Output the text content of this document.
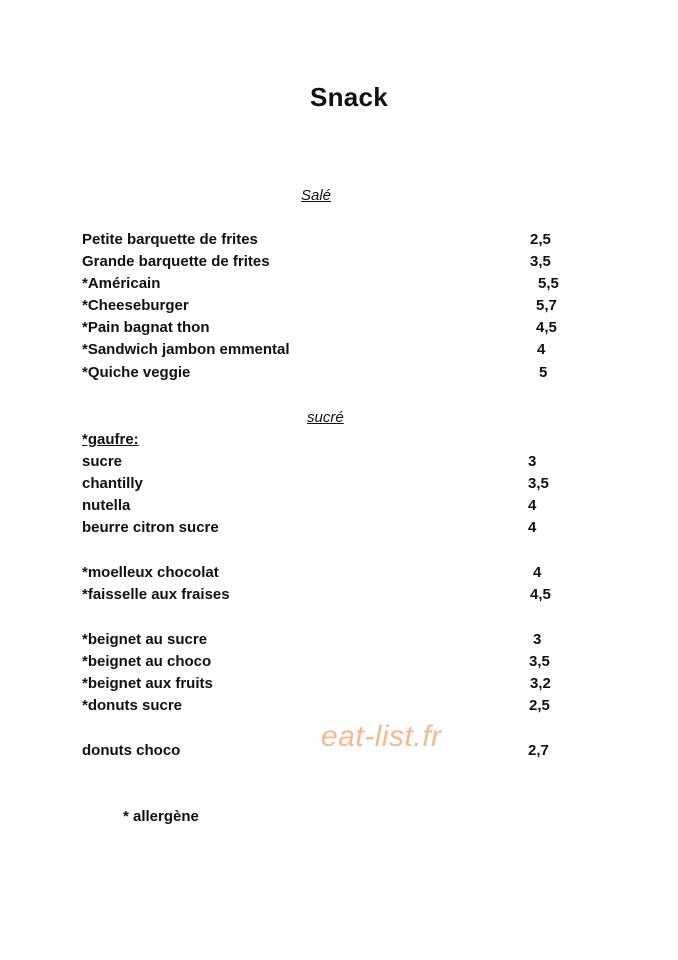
Snack
Salé
Petite barquette de frites	2,5
Grande barquette de frites	3,5
*Américain	5,5
*Cheeseburger	5,7
*Pain bagnat thon	4,5
*Sandwich jambon emmental	4
*Quiche veggie	5
sucré
*gaufre:
sucre	3
chantilly	3,5
nutella	4
beurre citron sucre	4
*moelleux chocolat	4
*faisselle aux fraises	4,5
*beignet au sucre	3
*beignet au choco	3,5
*beignet aux fruits	3,2
*donuts sucre	2,5
donuts choco	2,7
eat-list.fr
* allergène
